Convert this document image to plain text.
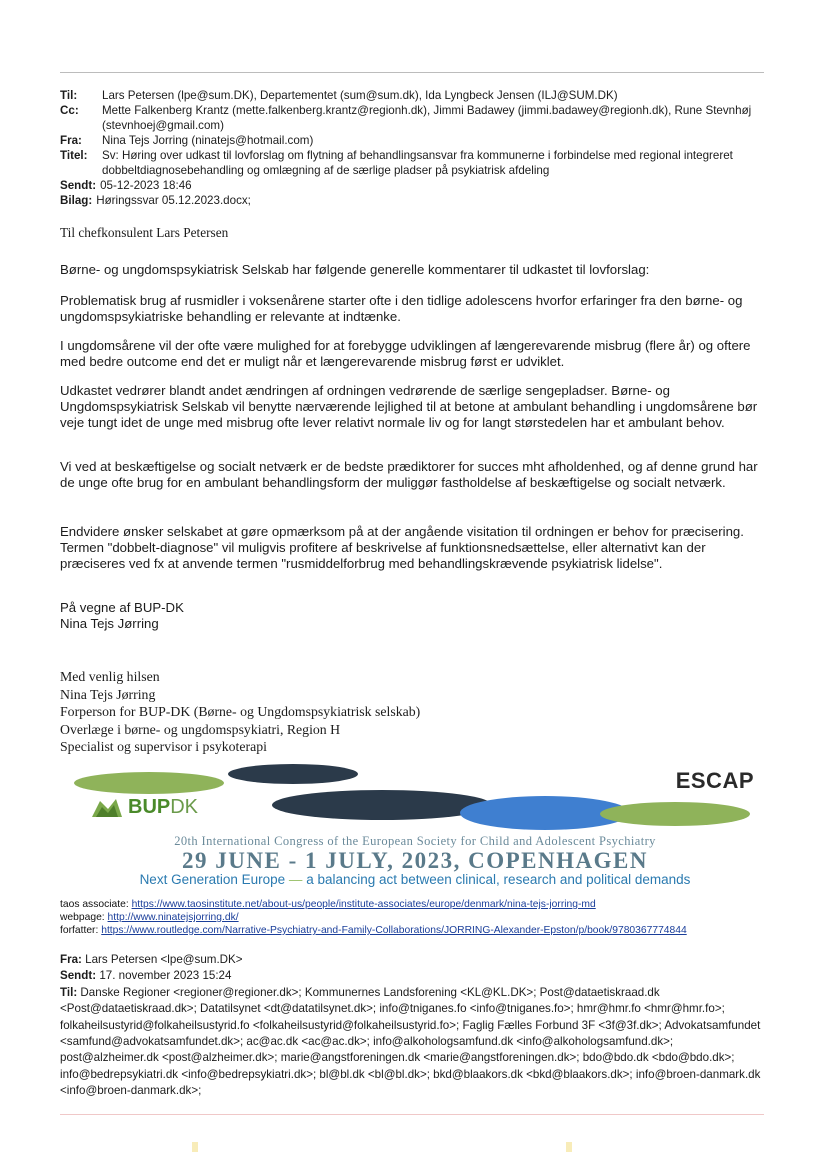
Til:	Lars Petersen (lpe@sum.DK), Departementet (sum@sum.dk), Ida Lyngbeck Jensen (ILJ@SUM.DK)
Cc:	Mette Falkenberg Krantz (mette.falkenberg.krantz@regionh.dk), Jimmi Badawey (jimmi.badawey@regionh.dk), Rune Stevnhøj (stevnhoej@gmail.com)
Fra:	Nina Tejs Jorring (ninatejs@hotmail.com)
Titel:	Sv: Høring over udkast til lovforslag om flytning af behandlingsansvar fra kommunerne i forbindelse med regional integreret dobbeltdiagnosebehandling og omlægning af de særlige pladser på psykiatrisk afdeling
Sendt: 05-12-2023 18:46
Bilag: Høringssvar 05.12.2023.docx;
Til chefkonsulent Lars Petersen

Børne- og ungdomspsykiatrisk Selskab har følgende generelle kommentarer til udkastet til lovforslag:

Problematisk brug af rusmidler i voksenårene starter ofte i den tidlige adolescens hvorfor erfaringer fra den børne- og ungdomspsykiatriske behandling er relevante at indtænke.

I ungdomsårene vil der ofte være mulighed for at forebygge udviklingen af længerevarende misbrug (flere år) og oftere med bedre outcome end det er muligt når et længerevarende misbrug først er udviklet.

Udkastet vedrører blandt andet ændringen af ordningen vedrørende de særlige sengepladser. Børne- og Ungdomspsykiatrisk Selskab vil benytte nærværende lejlighed til at betone at ambulant behandling i ungdomsårene bør veje tungt idet de unge med misbrug ofte lever relativt normale liv og for langt størstedelen har et ambulant behov.

Vi ved at beskæftigelse og socialt netværk er de bedste prædiktorer for succes mht afholdenhed, og af denne grund har de unge ofte brug for en ambulant behandlingsform der muliggør fastholdelse af beskæftigelse og socialt netværk.

Endvidere ønsker selskabet at gøre opmærksom på at der angående visitation til ordningen er behov for præcisering. Termen "dobbelt-diagnose" vil muligvis profitere af beskrivelse af funktionsnedsættelse, eller alternativt kan der præciseres ved fx at anvende termen "rusmiddelforbrug med behandlingskrævende psykiatrisk lidelse".

På vegne af BUP-DK

Nina Tejs Jørring

Med venlig hilsen
Nina Tejs Jørring
Forperson for BUP-DK (Børne- og Ungdomspsykiatrisk selskab)
Overlæge i børne- og ungdomspsykiatri, Region H
Specialist og supervisor i psykoterapi
BUPDK
ESCAP
20th International Congress of the European Society for Child and Adolescent Psychiatry
29 JUNE - 1 JULY, 2023, COPENHAGEN
Next Generation Europe — a balancing act between clinical, research and political demands
taos associate: https://www.taosinstitute.net/about-us/people/institute-associates/europe/denmark/nina-tejs-jorring-md
webpage: http://www.ninatejsjorring.dk/
forfatter: https://www.routledge.com/Narrative-Psychiatry-and-Family-Collaborations/JORRING-Alexander-Epston/p/book/9780367774844
Fra: Lars Petersen <lpe@sum.DK>
Sendt: 17. november 2023 15:24
Til: Danske Regioner <regioner@regioner.dk>; Kommunernes Landsforening <KL@KL.DK>; Post@dataetiskraad.dk <Post@dataetiskraad.dk>; Datatilsynet <dt@datatilsynet.dk>; info@tniganes.fo <info@tniganes.fo>; hmr@hmr.fo <hmr@hmr.fo>; folkaheilsustyrid@folkaheilsustyrid.fo <folkaheilsustyrid@folkaheilsustyrid.fo>; Faglig Fælles Forbund 3F <3f@3f.dk>; Advokatsamfundet <samfund@advokatsamfundet.dk>; ac@ac.dk <ac@ac.dk>; info@alkohologsamfund.dk <info@alkohologsamfund.dk>; post@alzheimer.dk <post@alzheimer.dk>; marie@angstforeningen.dk <marie@angstforeningen.dk>; bdo@bdo.dk <bdo@bdo.dk>; info@bedrepsykiatri.dk <info@bedrepsykiatri.dk>; bl@bl.dk <bl@bl.dk>; bkd@blaakors.dk <bkd@blaakors.dk>; info@broen-danmark.dk <info@broen-danmark.dk>;
